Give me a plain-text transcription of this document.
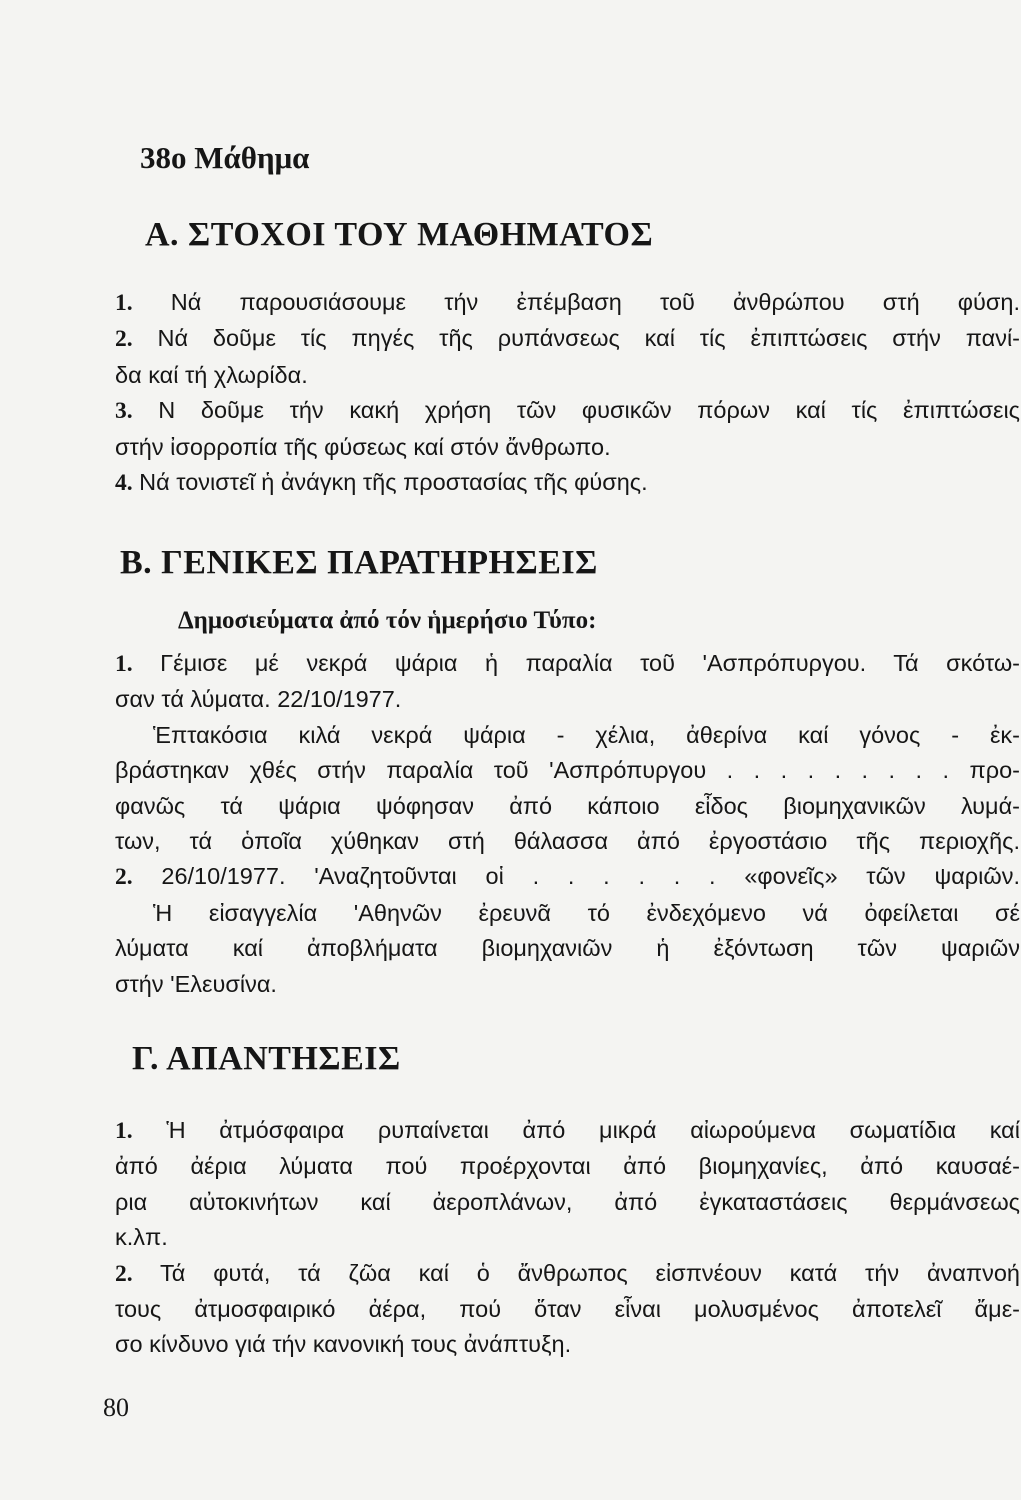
38ο Μάθημα
Α. ΣΤΟΧΟΙ ΤΟΥ ΜΑΘΗΜΑΤΟΣ
1. Νά παρουσιάσουμε τήν ἐπέμβαση τοῦ ἀνθρώπου στή φύση.
2. Νά δοῦμε τίς πηγές τῆς ρυπάνσεως καί τίς ἐπιπτώσεις στήν πανί-
δα καί τή χλωρίδα.
3. Ν δοῦμε τήν κακή χρήση τῶν φυσικῶν πόρων καί τίς ἐπιπτώσεις
στήν ἰσορροπία τῆς φύσεως καί στόν ἄνθρωπο.
4. Νά τονιστεῖ ἡ ἀνάγκη τῆς προστασίας τῆς φύσης.
Β. ΓΕΝΙΚΕΣ ΠΑΡΑΤΗΡΗΣΕΙΣ
Δημοσιεύματα ἀπό τόν ἡμερήσιο Τύπο:
1. Γέμισε μέ νεκρά ψάρια ἡ παραλία τοῦ 'Ασπρόπυργου. Τά σκότω-
σαν τά λύματα. 22/10/1977.
Ἑπτακόσια κιλά νεκρά ψάρια - χέλια, ἀθερίνα καί γόνος - ἐκ-
βράστηκαν χθές στήν παραλία τοῦ 'Ασπρόπυργου . . . . . . . . . προ-
φανῶς τά ψάρια ψόφησαν ἀπό κάποιο εἶδος βιομηχανικῶν λυμά-
των, τά ὁποῖα χύθηκαν στή θάλασσα ἀπό ἐργοστάσιο τῆς περιοχῆς.
2. 26/10/1977. 'Αναζητοῦνται οἱ . . . . . . «φονεῖς» τῶν ψαριῶν.
Ἡ εἰσαγγελία 'Αθηνῶν ἐρευνᾶ τό ἐνδεχόμενο νά ὀφείλεται σέ
λύματα καί ἀποβλήματα βιομηχανιῶν ἡ ἐξόντωση τῶν ψαριῶν
στήν 'Ελευσίνα.
Γ. ΑΠΑΝΤΗΣΕΙΣ
1. Ἡ ἀτμόσφαιρα ρυπαίνεται ἀπό μικρά αἰωρούμενα σωματίδια καί
ἀπό ἀέρια λύματα πού προέρχονται ἀπό βιομηχανίες, ἀπό καυσαέ-
ρια αὐτοκινήτων καί ἀεροπλάνων, ἀπό ἐγκαταστάσεις θερμάνσεως
κ.λπ.
2. Τά φυτά, τά ζῶα καί ὁ ἄνθρωπος εἰσπνέουν κατά τήν ἀναπνοή
τους ἀτμοσφαιρικό ἀέρα, πού ὅταν εἶναι μολυσμένος ἀποτελεῖ ἄμε-
σο κίνδυνο γιά τήν κανονική τους ἀνάπτυξη.
80
